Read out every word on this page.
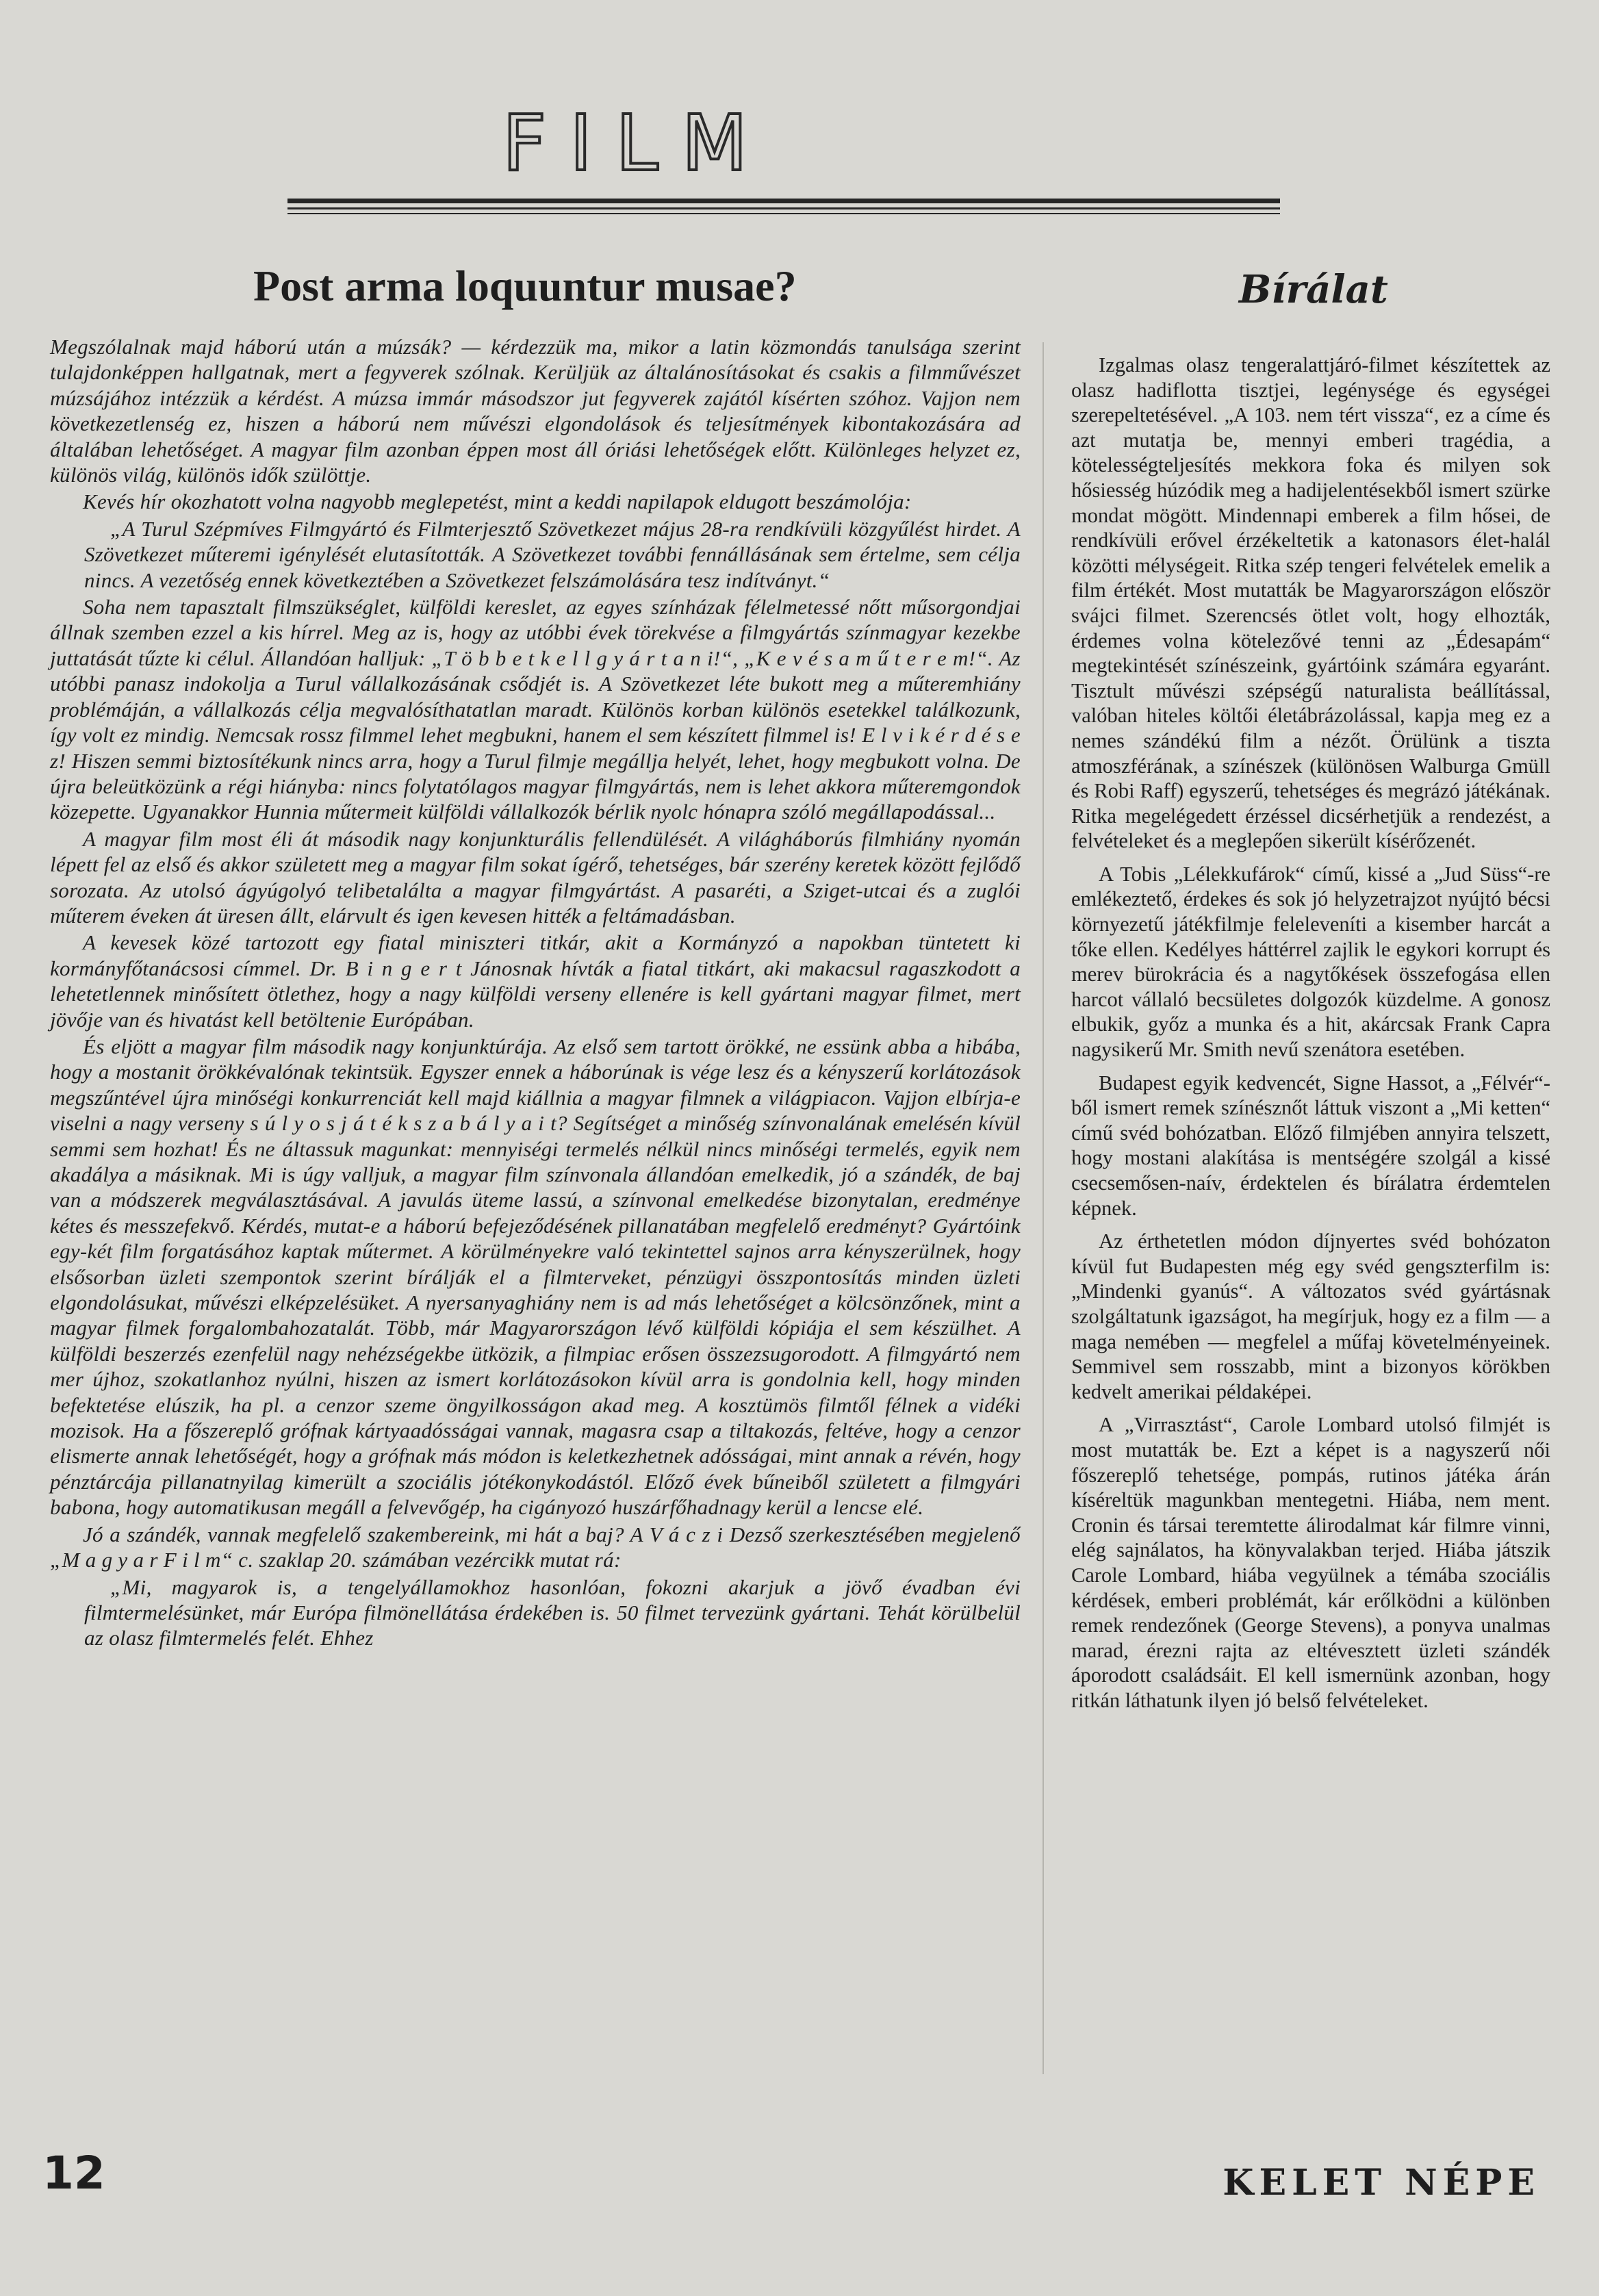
FILM
Post arma loquuntur musae?	Bírálat

Megszólalnak majd háború után a múzsák? — kérdezzük ma, mikor a latin közmondás tanulsága szerint tulajdonképpen hallgatnak, mert a fegyverek szólnak. Kerüljük az általánosításokat és csakis a filmművészet múzsájához intézzük a kérdést. A múzsa immár másodszor jut fegyverek zajától kísérten szóhoz. Vajjon nem következetlenség ez, hiszen a háború nem művészi elgondolások és teljesítmények kibontakozására ad általában lehetőséget. A magyar film azonban éppen most áll óriási lehetőségek előtt. Különleges helyzet ez, különös világ, különös idők szülöttje.

Kevés hír okozhatott volna nagyobb meglepetést, mint a keddi napilapok eldugott beszámolója:

„A Turul Szépmíves Filmgyártó és Filmterjesztő Szövetkezet május 28-ra rendkívüli közgyűlést hirdet. A Szövetkezet műteremi igénylését elutasították. A Szövetkezet további fennállásának sem értelme, sem célja nincs. A vezetőség ennek következtében a Szövetkezet felszámolására tesz indítványt.“

Soha nem tapasztalt filmszükséglet, külföldi kereslet, az egyes színházak félelmetessé nőtt műsorgondjai állnak szemben ezzel a kis hírrel. Meg az is, hogy az utóbbi évek törekvése a filmgyártás színmagyar kezekbe juttatását tűzte ki célul. Állandóan halljuk: „T ö b b e t k e l l g y á r t a n i!“, „K e v é s a m ű t e r e m!“. Az utóbbi panasz indokolja a Turul vállalkozásának csődjét is. A Szövetkezet léte bukott meg a műteremhiány problémáján, a vállalkozás célja megvalósíthatatlan maradt. Különös korban különös esetekkel találkozunk, így volt ez mindig. Nemcsak rossz filmmel lehet megbukni, hanem el sem készített filmmel is! E l v i k é r d é s e z! Hiszen semmi biztosítékunk nincs arra, hogy a Turul filmje megállja helyét, lehet, hogy megbukott volna. De újra beleütközünk a régi hiányba: nincs folytatólagos magyar filmgyártás, nem is lehet akkora műteremgondok közepette. Ugyanakkor Hunnia műtermeit külföldi vállalkozók bérlik nyolc hónapra szóló megállapodással...

A magyar film most éli át második nagy konjunkturális fellendülését. A világháborús filmhiány nyomán lépett fel az első és akkor született meg a magyar film sokat ígérő, tehetséges, bár szerény keretek között fejlődő sorozata. Az utolsó ágyúgolyó telibetalálta a magyar filmgyártást. A pasaréti, a Sziget-utcai és a zuglói műterem éveken át üresen állt, elárvult és igen kevesen hitték a feltámadásban.

A kevesek közé tartozott egy fiatal miniszteri titkár, akit a Kormányzó a napokban tüntetett ki kormányfőtanácsosi címmel. Dr. B i n g e r t Jánosnak hívták a fiatal titkárt, aki makacsul ragaszkodott a lehetetlennek minősített ötlethez, hogy a nagy külföldi verseny ellenére is kell gyártani magyar filmet, mert jövője van és hivatást kell betöltenie Európában.

És eljött a magyar film második nagy konjunktúrája. Az első sem tartott örökké, ne essünk abba a hibába, hogy a mostanit örökkévalónak tekintsük. Egyszer ennek a háborúnak is vége lesz és a kényszerű korlátozások megszűntével újra minőségi konkurrenciát kell majd kiállnia a magyar filmnek a világpiacon. Vajjon elbírja-e viselni a nagy verseny s ú l y o s j á t é k s z a b á l y a i t? Segítséget a minőség színvonalának emelésén kívül semmi sem hozhat! És ne áltassuk magunkat: mennyiségi termelés nélkül nincs minőségi termelés, egyik nem akadálya a másiknak. Mi is úgy valljuk, a magyar film színvonala állandóan emelkedik, jó a szándék, de baj van a módszerek megválasztásával. A javulás üteme lassú, a színvonal emelkedése bizonytalan, eredménye kétes és messzefekvő. Kérdés, mutat-e a háború befejeződésének pillanatában megfelelő eredményt? Gyártóink egy-két film forgatásához kaptak műtermet. A körülményekre való tekintettel sajnos arra kényszerülnek, hogy elsősorban üzleti szempontok szerint bírálják el a filmterveket, pénzügyi összpontosítás minden üzleti elgondolásukat, művészi elképzelésüket. A nyersanyaghiány nem is ad más lehetőséget a kölcsönzőnek, mint a magyar filmek forgalombahozatalát. Több, már Magyarországon lévő külföldi kópiája el sem készülhet. A külföldi beszerzés ezenfelül nagy nehézségekbe ütközik, a filmpiac erősen összezsugorodott. A filmgyártó nem mer újhoz, szokatlanhoz nyúlni, hiszen az ismert korlátozásokon kívül arra is gondolnia kell, hogy minden befektetése elúszik, ha pl. a cenzor szeme öngyilkosságon akad meg. A kosztümös filmtől félnek a vidéki mozisok. Ha a főszereplő grófnak kártyaadósságai vannak, magasra csap a tiltakozás, feltéve, hogy a cenzor elismerte annak lehetőségét, hogy a grófnak más módon is keletkezhetnek adósságai, mint annak a révén, hogy pénztárcája pillanatnyilag kimerült a szociális jótékonykodástól. Előző évek bűneiből született a filmgyári babona, hogy automatikusan megáll a felvevőgép, ha cigányozó huszárfőhadnagy kerül a lencse elé.

Jó a szándék, vannak megfelelő szakembereink, mi hát a baj? A V á c z i Dezső szerkesztésében megjelenő „M a g y a r F i l m“ c. szaklap 20. számában vezércikk mutat rá:

„Mi, magyarok is, a tengelyállamokhoz hasonlóan, fokozni akarjuk a jövő évadban évi filmtermelésünket, már Európa filmönellátása érdekében is. 50 filmet tervezünk gyártani. Tehát körülbelül az olasz filmtermelés felét. Ehhez

Izgalmas olasz tengeralattjáró-filmet készítettek az olasz hadiflotta tisztjei, legénysége és egységei szerepeltetésével. „A 103. nem tért vissza“, ez a címe és azt mutatja be, mennyi emberi tragédia, a kötelességteljesítés mekkora foka és milyen sok hősiesség húzódik meg a hadijelentésekből ismert szürke mondat mögött. Mindennapi emberek a film hősei, de rendkívüli erővel érzékeltetik a katonasors élet-halál közötti mélységeit. Ritka szép tengeri felvételek emelik a film értékét. Most mutatták be Magyarországon először svájci filmet. Szerencsés ötlet volt, hogy elhozták, érdemes volna kötelezővé tenni az „Édesapám“ megtekintését színészeink, gyártóink számára egyaránt. Tisztult művészi szépségű naturalista beállítással, valóban hiteles költői életábrázolással, kapja meg ez a nemes szándékú film a nézőt. Örülünk a tiszta atmoszférának, a színészek (különösen Walburga Gmüll és Robi Raff) egyszerű, tehetséges és megrázó játékának. Ritka megelégedett érzéssel dicsérhetjük a rendezést, a felvételeket és a meglepően sikerült kísérőzenét.

A Tobis „Lélekkufárok“ című, kissé a „Jud Süss“-re emlékeztető, érdekes és sok jó helyzetrajzot nyújtó bécsi környezetű játékfilmje feleleveníti a kisember harcát a tőke ellen. Kedélyes háttérrel zajlik le egykori korrupt és merev bürokrácia és a nagytőkések összefogása ellen harcot vállaló becsületes dolgozók küzdelme. A gonosz elbukik, győz a munka és a hit, akárcsak Frank Capra nagysikerű Mr. Smith nevű szenátora esetében.

Budapest egyik kedvencét, Signe Hassot, a „Félvér“-ből ismert remek színésznőt láttuk viszont a „Mi ketten“ című svéd bohózatban. Előző filmjében annyira telszett, hogy mostani alakítása is mentségére szolgál a kissé csecsemősen-naív, érdektelen és bírálatra érdemtelen képnek.

Az érthetetlen módon díjnyertes svéd bohózaton kívül fut Budapesten még egy svéd gengszterfilm is: „Mindenki gyanús“. A változatos svéd gyártásnak szolgáltatunk igazságot, ha megírjuk, hogy ez a film — a maga nemében — megfelel a műfaj követelményeinek. Semmivel sem rosszabb, mint a bizonyos körökben kedvelt amerikai példaképei.

A „Virrasztást“, Carole Lombard utolsó filmjét is most mutatták be. Ezt a képet is a nagyszerű női főszereplő tehetsége, pompás, rutinos játéka árán kíséreltük magunkban mentegetni. Hiába, nem ment. Cronin és társai teremtette álirodalmat kár filmre vinni, elég sajnálatos, ha könyvalakban terjed. Hiába játszik Carole Lombard, hiába vegyülnek a témába szociális kérdések, emberi problémát, kár erőlködni a különben remek rendezőnek (George Stevens), a ponyva unalmas marad, érezni rajta az eltévesztett üzleti szándék áporodott családsáit. El kell ismernünk azonban, hogy ritkán láthatunk ilyen jó belső felvételeket.

12	KELET NÉPE
